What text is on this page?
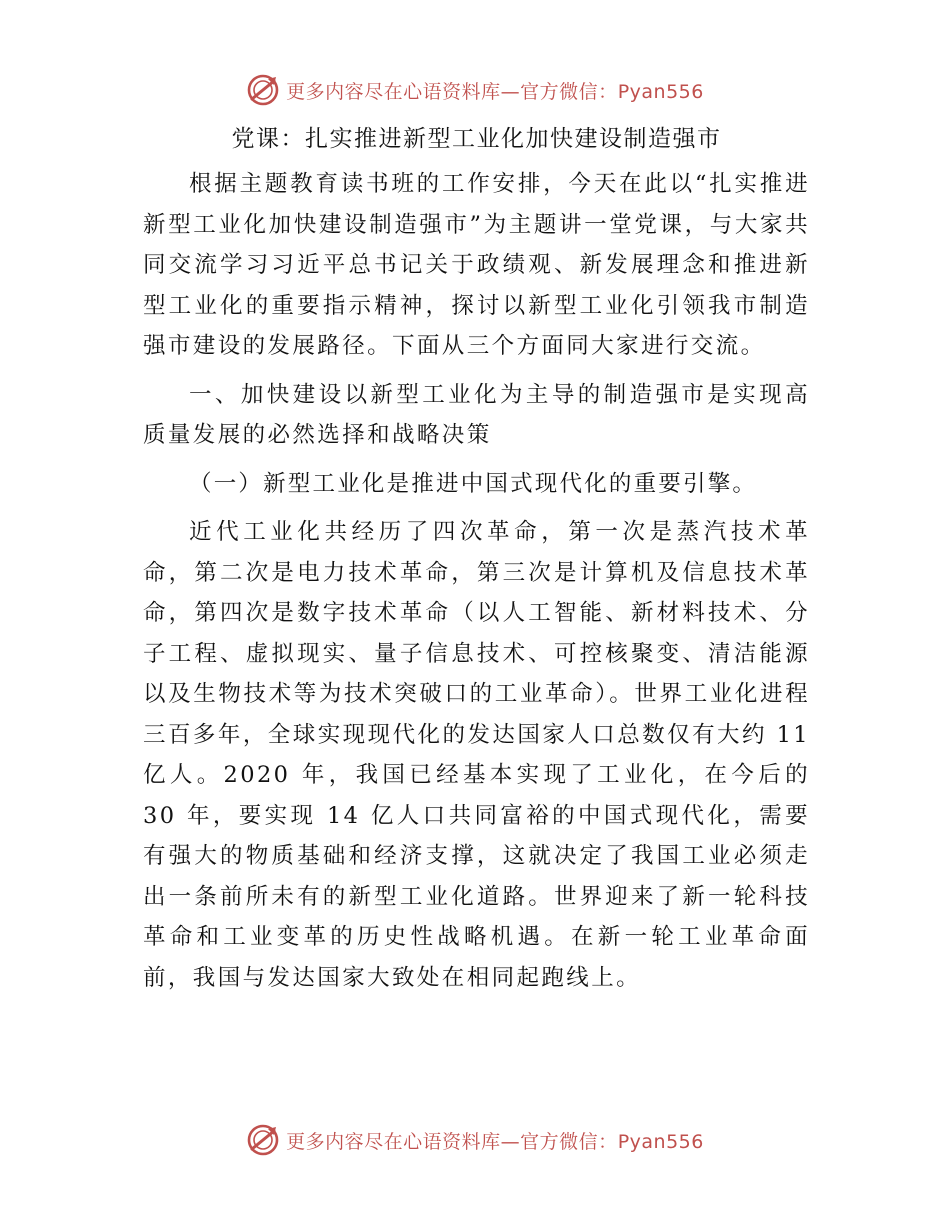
更多内容尽在心语资料库—官方微信：Pyan556
党课：扎实推进新型工业化加快建设制造强市

根据主题教育读书班的工作安排，今天在此以“扎实推进新型工业化加快建设制造强市”为主题讲一堂党课，与大家共同交流学习习近平总书记关于政绩观、新发展理念和推进新型工业化的重要指示精神，探讨以新型工业化引领我市制造强市建设的发展路径。下面从三个方面同大家进行交流。

一、加快建设以新型工业化为主导的制造强市是实现高质量发展的必然选择和战略决策

（一）新型工业化是推进中国式现代化的重要引擎。

近代工业化共经历了四次革命，第一次是蒸汽技术革命，第二次是电力技术革命，第三次是计算机及信息技术革命，第四次是数字技术革命（以人工智能、新材料技术、分子工程、虚拟现实、量子信息技术、可控核聚变、清洁能源以及生物技术等为技术突破口的工业革命）。世界工业化进程三百多年，全球实现现代化的发达国家人口总数仅有大约 11 亿人。2020 年，我国已经基本实现了工业化，在今后的 30 年，要实现 14 亿人口共同富裕的中国式现代化，需要有强大的物质基础和经济支撑，这就决定了我国工业必须走出一条前所未有的新型工业化道路。世界迎来了新一轮科技革命和工业变革的历史性战略机遇。在新一轮工业革命面前，我国与发达国家大致处在相同起跑线上。

更多内容尽在心语资料库—官方微信：Pyan556
